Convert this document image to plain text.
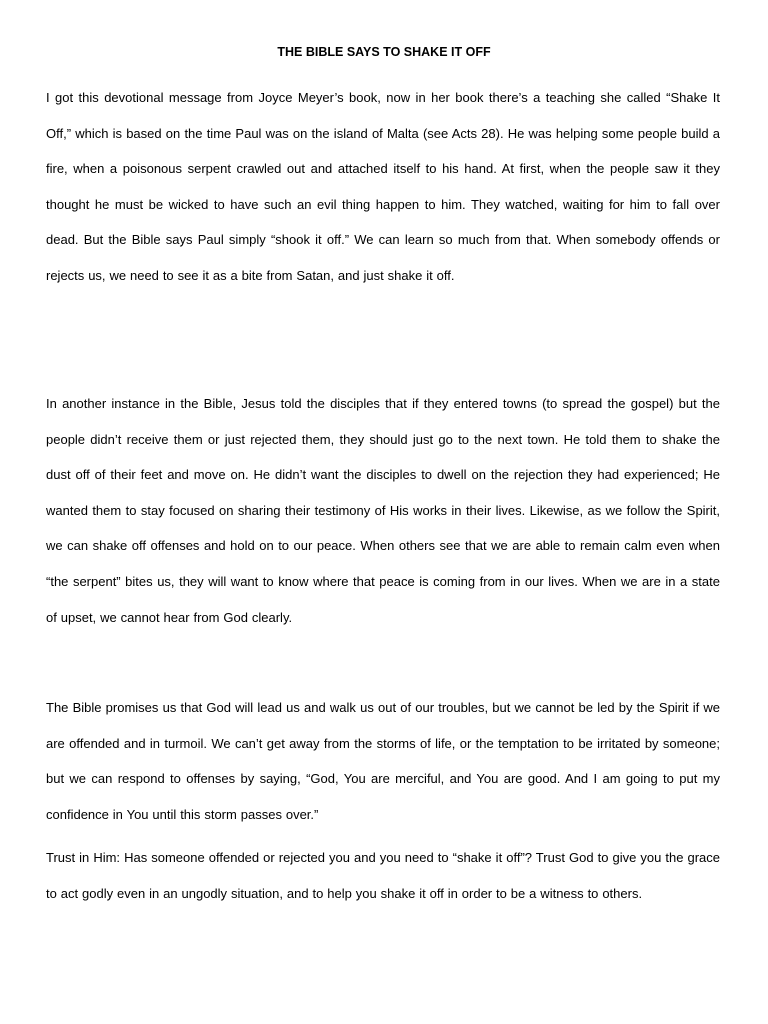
THE BIBLE SAYS TO SHAKE IT OFF

I got this devotional message from Joyce Meyer’s book, now in her book there’s a teaching she called “Shake It Off,” which is based on the time Paul was on the island of Malta (see Acts 28). He was helping some people build a fire, when a poisonous serpent crawled out and attached itself to his hand. At first, when the people saw it they thought he must be wicked to have such an evil thing happen to him. They watched, waiting for him to fall over dead. But the Bible says Paul simply “shook it off.” We can learn so much from that. When somebody offends or rejects us, we need to see it as a bite from Satan, and just shake it off.

In another instance in the Bible, Jesus told the disciples that if they entered towns (to spread the gospel) but the people didn’t receive them or just rejected them, they should just go to the next town. He told them to shake the dust off of their feet and move on. He didn’t want the disciples to dwell on the rejection they had experienced; He wanted them to stay focused on sharing their testimony of His works in their lives. Likewise, as we follow the Spirit, we can shake off offenses and hold on to our peace. When others see that we are able to remain calm even when “the serpent” bites us, they will want to know where that peace is coming from in our lives. When we are in a state of upset, we cannot hear from God clearly.

The Bible promises us that God will lead us and walk us out of our troubles, but we cannot be led by the Spirit if we are offended and in turmoil. We can’t get away from the storms of life, or the temptation to be irritated by someone; but we can respond to offenses by saying, “God, You are merciful, and You are good. And I am going to put my confidence in You until this storm passes over.”

Trust in Him: Has someone offended or rejected you and you need to “shake it off”? Trust God to give you the grace to act godly even in an ungodly situation, and to help you shake it off in order to be a witness to others.
